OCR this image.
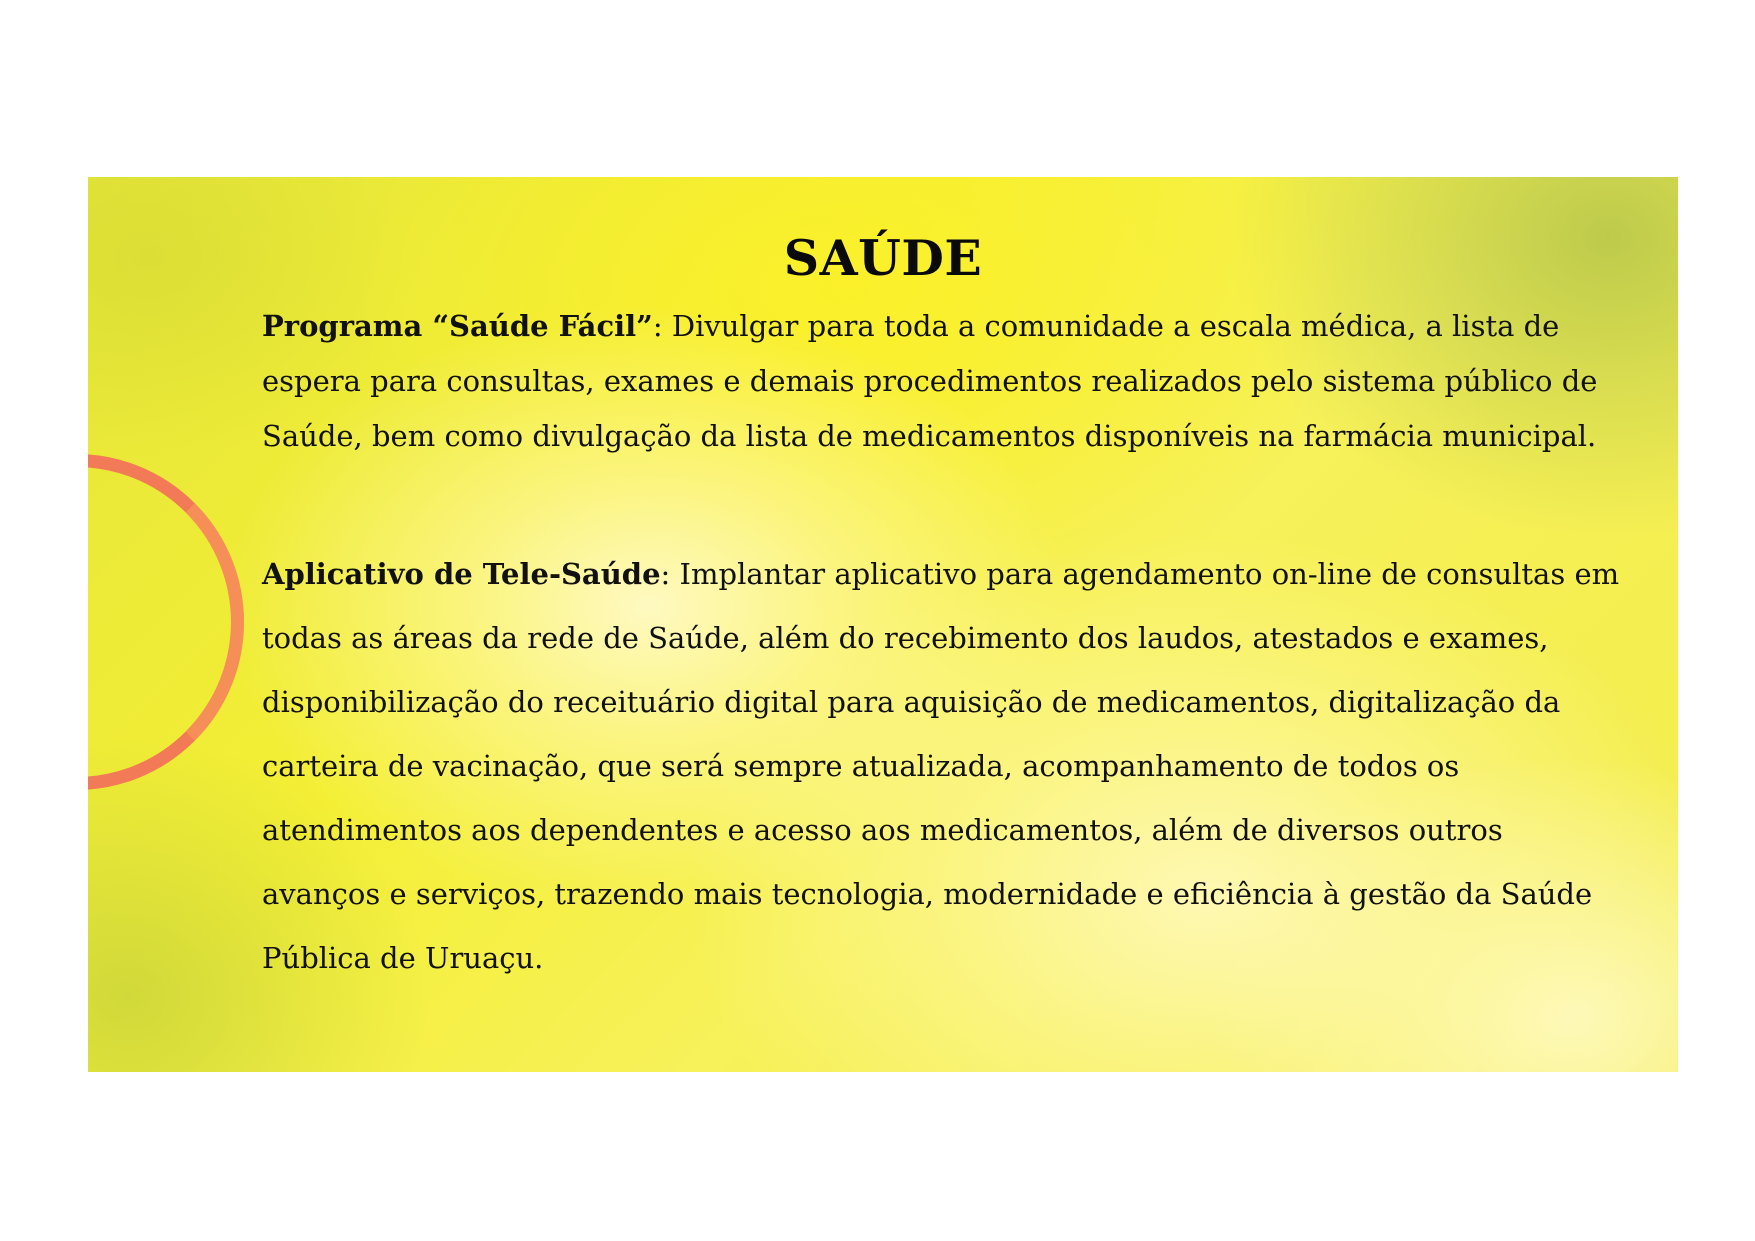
SAÚDE

Programa “Saúde Fácil”: Divulgar para toda a comunidade a escala médica, a lista de espera para consultas, exames e demais procedimentos realizados pelo sistema público de Saúde, bem como divulgação da lista de medicamentos disponíveis na farmácia municipal.

Aplicativo de Tele-Saúde: Implantar aplicativo para agendamento on-line de consultas em todas as áreas da rede de Saúde, além do recebimento dos laudos, atestados e exames, disponibilização do receituário digital para aquisição de medicamentos, digitalização da carteira de vacinação, que será sempre atualizada, acompanhamento de todos os atendimentos aos dependentes e acesso aos medicamentos, além de diversos outros avanços e serviços, trazendo mais tecnologia, modernidade e eficiência à gestão da Saúde Pública de Uruaçu.
